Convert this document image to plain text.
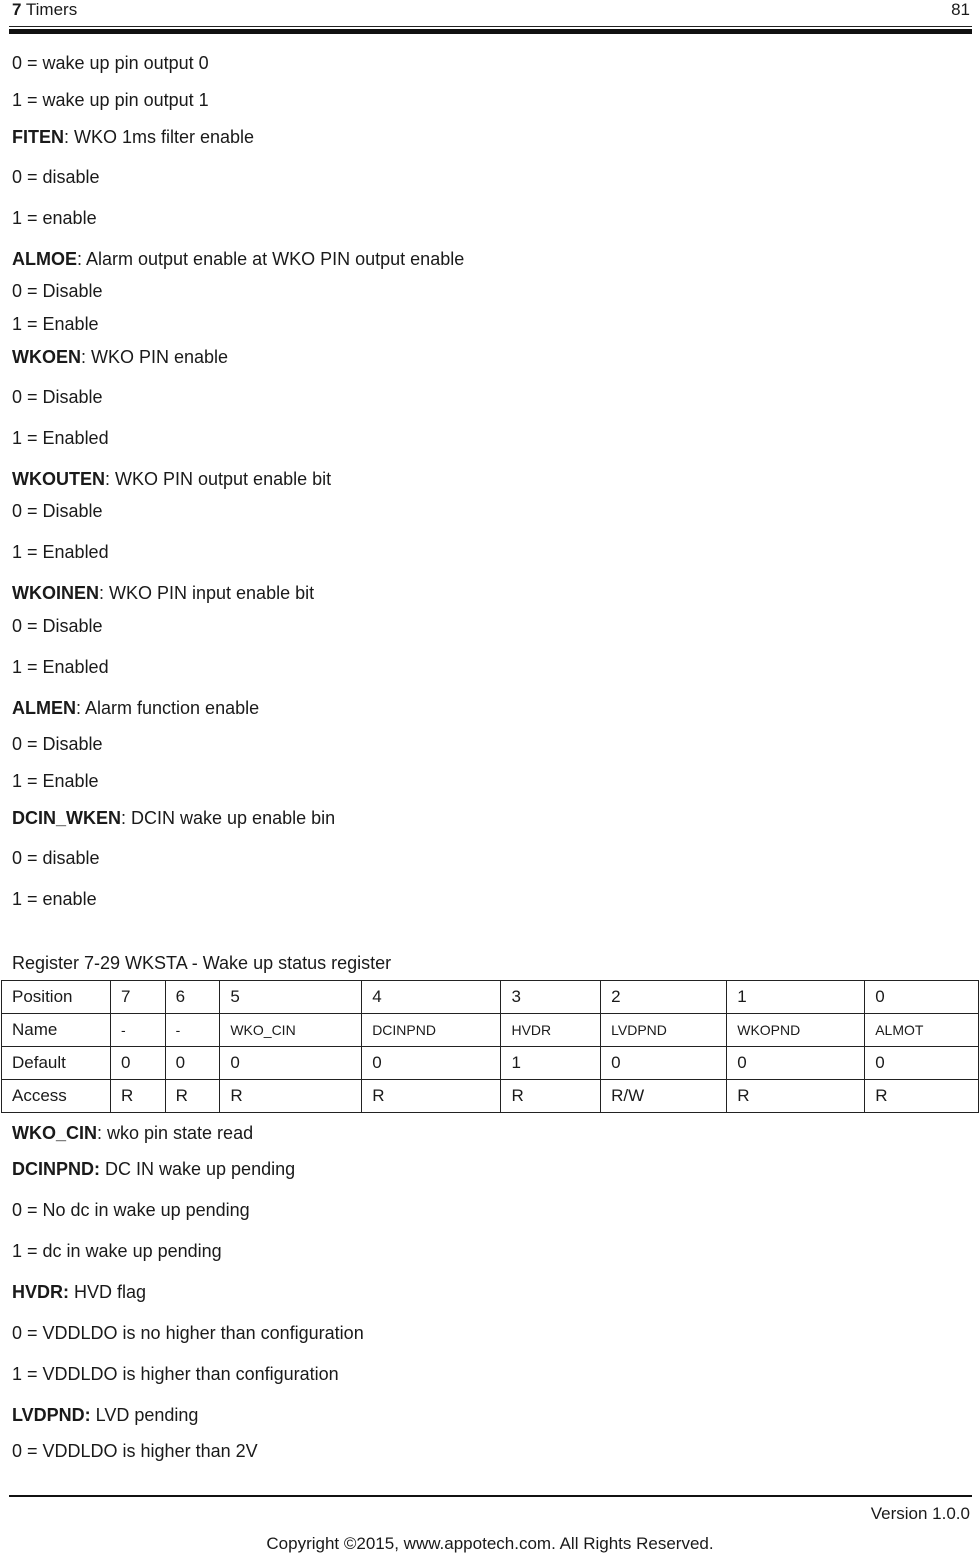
7 Timers	81
0 = wake up pin output 0
1 = wake up pin output 1
FITEN: WKO 1ms filter enable
0 = disable
1 = enable
ALMOE: Alarm output enable at WKO PIN output enable
0 = Disable
1 = Enable
WKOEN: WKO PIN enable
0 = Disable
1 = Enabled
WKOUTEN: WKO PIN output enable bit
0 = Disable
1 = Enabled
WKOINEN: WKO PIN input enable bit
0 = Disable
1 = Enabled
ALMEN: Alarm function enable
0 = Disable
1 = Enable
DCIN_WKEN: DCIN wake up enable bin
0 = disable
1 = enable
Register 7-29 WKSTA - Wake up status register
Position	7	6	5	4	3	2	1	0
Name	-	-	WKO_CIN	DCINPND	HVDR	LVDPND	WKOPND	ALMOT
Default	0	0	0	0	1	0	0	0
Access	R	R	R	R	R	R/W	R	R
WKO_CIN: wko pin state read
DCINPND: DC IN wake up pending
0 = No dc in wake up pending
1 = dc in wake up pending
HVDR: HVD flag
0 = VDDLDO is no higher than configuration
1 = VDDLDO is higher than configuration
LVDPND: LVD pending
0 = VDDLDO is higher than 2V
Version 1.0.0
Copyright ©2015, www.appotech.com. All Rights Reserved.
